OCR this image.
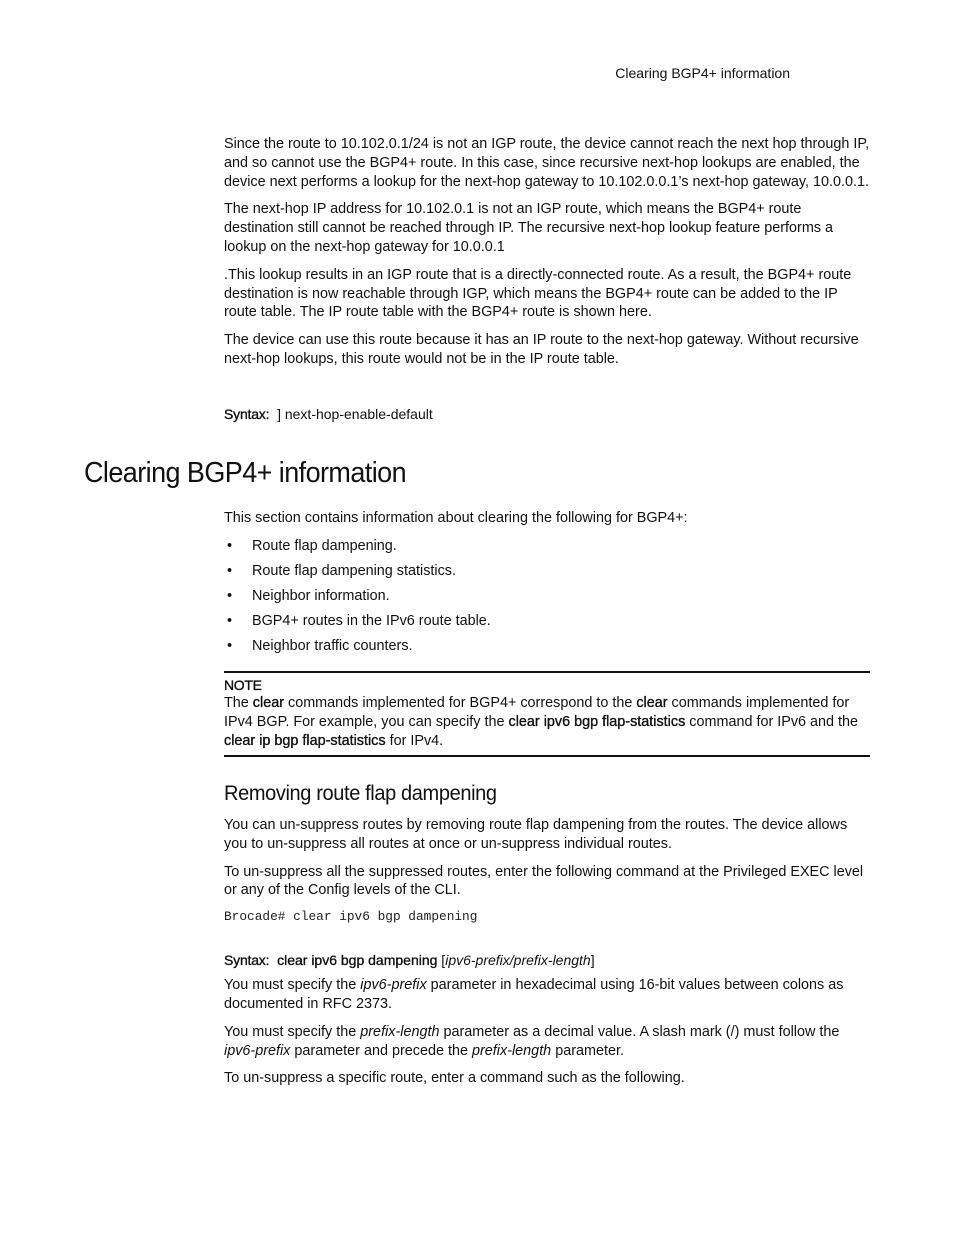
Clearing BGP4+ information

Since the route to 10.102.0.1/24 is not an IGP route, the device cannot reach the next hop through IP, and so cannot use the BGP4+ route. In this case, since recursive next-hop lookups are enabled, the device next performs a lookup for the next-hop gateway to 10.102.0.0.1’s next-hop gateway, 10.0.0.1.

The next-hop IP address for 10.102.0.1 is not an IGP route, which means the BGP4+ route destination still cannot be reached through IP. The recursive next-hop lookup feature performs a lookup on the next-hop gateway for 10.0.0.1

.This lookup results in an IGP route that is a directly-connected route. As a result, the BGP4+ route destination is now reachable through IGP, which means the BGP4+ route can be added to the IP route table. The IP route table with the BGP4+ route is shown here.

The device can use this route because it has an IP route to the next-hop gateway. Without recursive next-hop lookups, this route would not be in the IP route table.

Syntax: ] next-hop-enable-default
Clearing BGP4+ information

This section contains information about clearing the following for BGP4+:

• Route flap dampening.
• Route flap dampening statistics.
• Neighbor information.
• BGP4+ routes in the IPv6 route table.
• Neighbor traffic counters.
NOTE

The clear commands implemented for BGP4+ correspond to the clear commands implemented for IPv4 BGP. For example, you can specify the clear ipv6 bgp flap-statistics command for IPv6 and the clear ip bgp flap-statistics for IPv4.

Removing route flap dampening

You can un-suppress routes by removing route flap dampening from the routes. The device allows you to un-suppress all routes at once or un-suppress individual routes.

To un-suppress all the suppressed routes, enter the following command at the Privileged EXEC level or any of the Config levels of the CLI.

Brocade# clear ipv6 bgp dampening
Syntax: clear ipv6 bgp dampening [ipv6-prefix/prefix-length]

You must specify the ipv6-prefix parameter in hexadecimal using 16-bit values between colons as documented in RFC 2373.

You must specify the prefix-length parameter as a decimal value. A slash mark (/) must follow the ipv6-prefix parameter and precede the prefix-length parameter.

To un-suppress a specific route, enter a command such as the following.
